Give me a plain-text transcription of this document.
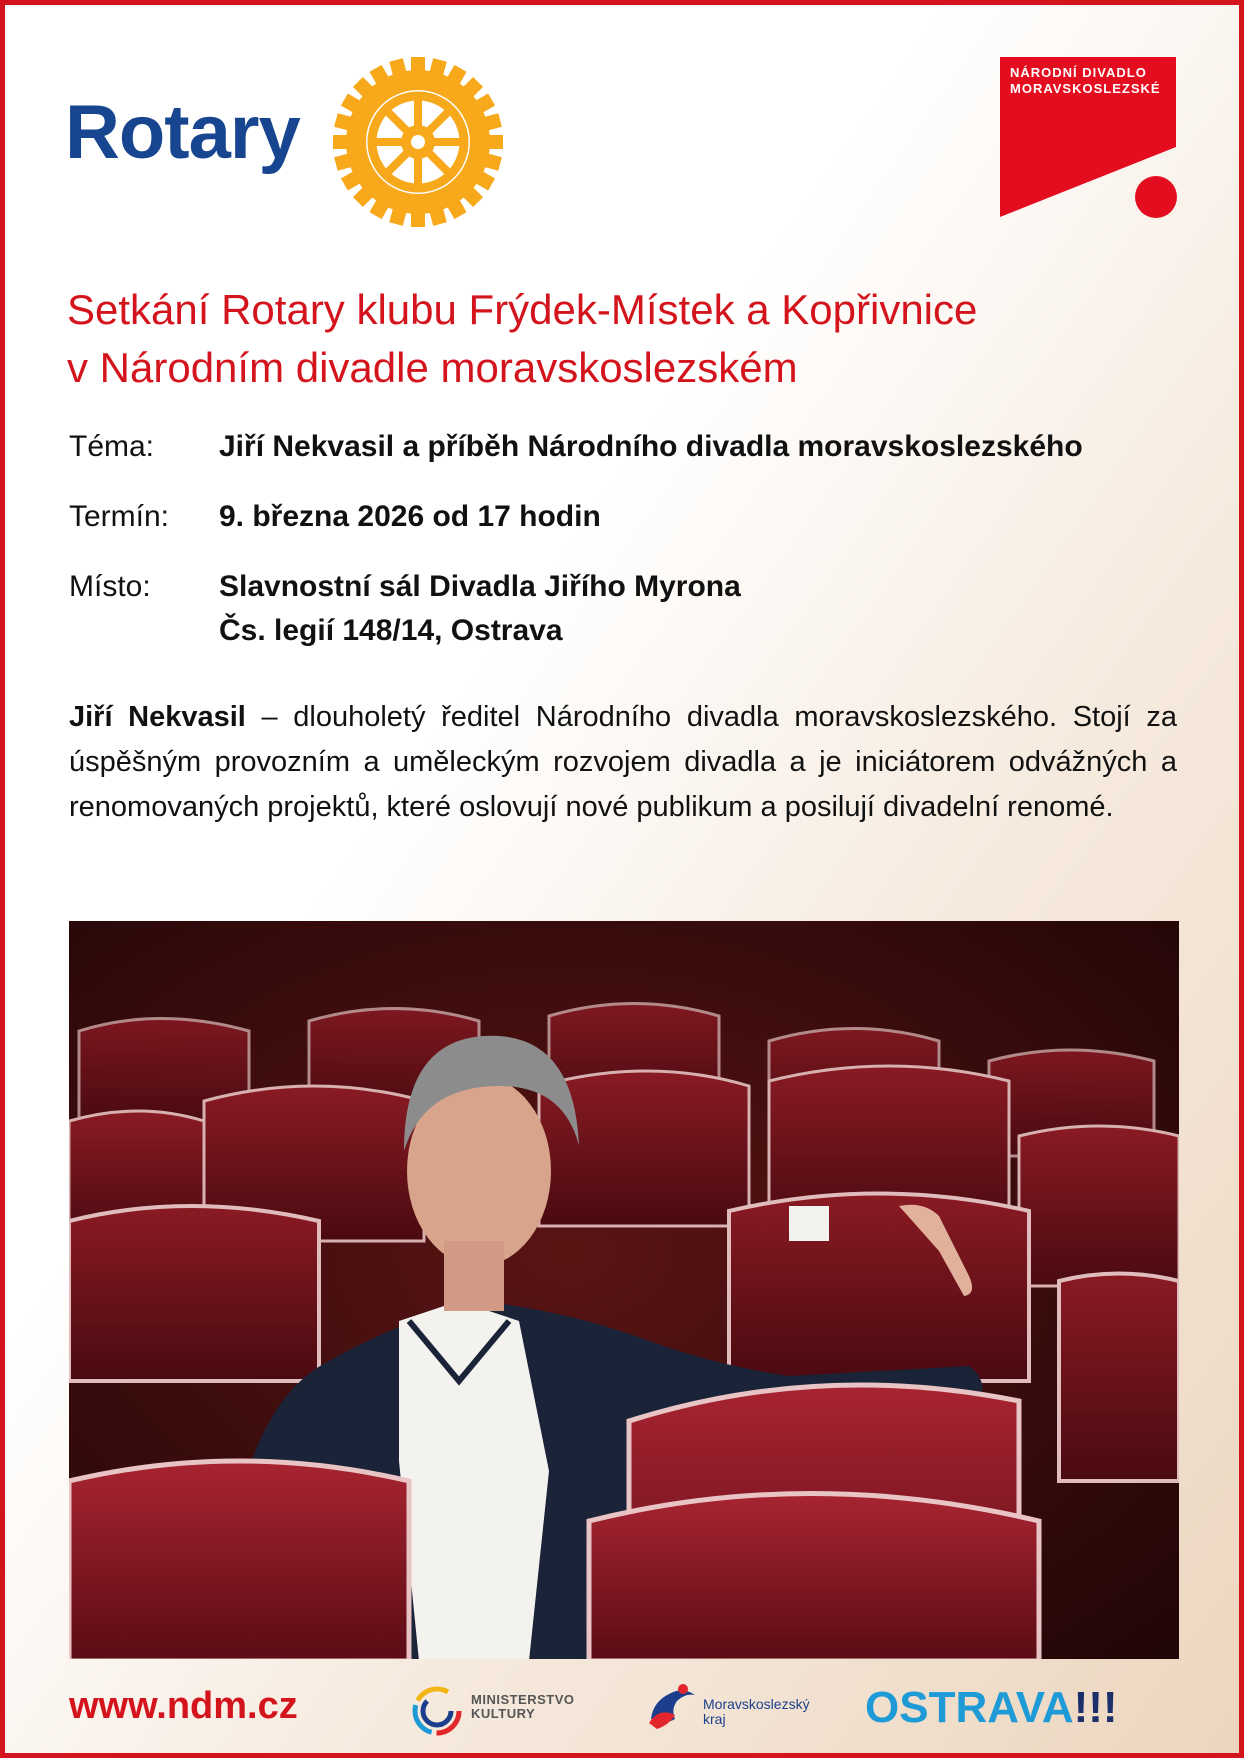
Rotary
NÁRODNÍ DIVADLO
MORAVSKOSLEZSKÉ
Setkání Rotary klubu Frýdek-Místek a Kopřivnice
v Národním divadle moravskoslezském
Téma:	Jiří Nekvasil a příběh Národního divadla moravskoslezského
Termín:	9. března 2026 od 17 hodin
Místo:	Slavnostní sál Divadla Jiřího Myrona
Čs. legií 148/14, Ostrava
Jiří Nekvasil – dlouholetý ředitel Národního divadla moravskoslezského. Stojí za úspěšným provozním a uměleckým rozvojem divadla a je iniciátorem odvážných a renomovaných projektů, které oslovují nové publikum a posilují divadelní renomé.
www.ndm.cz	MINISTERSTVO
KULTURY
Moravskoslezský
kraj	OSTRAVA!!!
